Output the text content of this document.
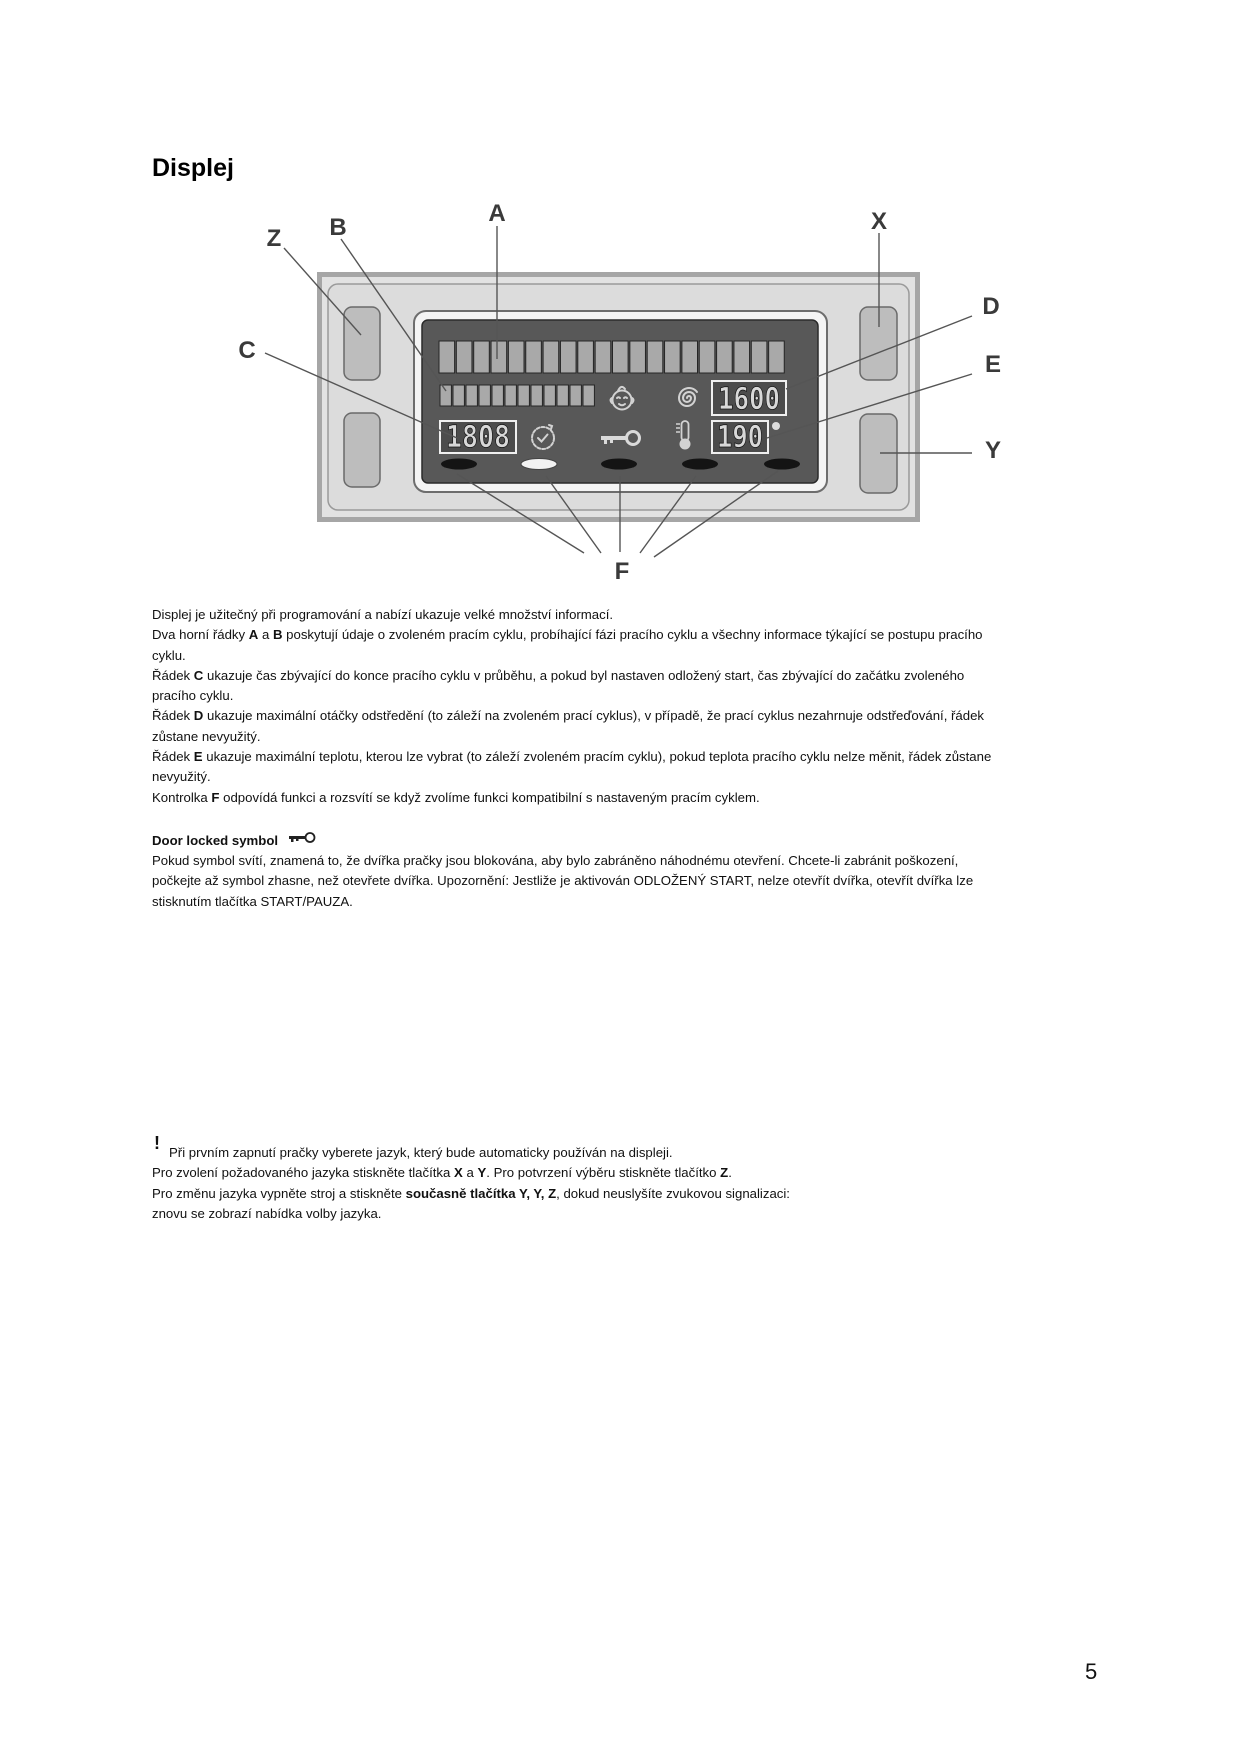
Displej
1600
1808	190
Z B
A	X
D
E
C
Y
F
Displej je užitečný při programování a nabízí ukazuje velké množství informací.
Dva horní řádky A a B poskytují údaje o zvoleném pracím cyklu, probíhající fázi pracího cyklu a všechny informace týkající se postupu pracího
cyklu.
Řádek C ukazuje čas zbývající do konce pracího cyklu v průběhu, a pokud byl nastaven odložený start, čas zbývající do začátku zvoleného
pracího cyklu.
Řádek D ukazuje maximální otáčky odstředění (to záleží na zvoleném prací cyklus), v případě, že prací cyklus nezahrnuje odstřeďování, řádek
zůstane nevyužitý.
Řádek E ukazuje maximální teplotu, kterou lze vybrat (to záleží zvoleném pracím cyklu), pokud teplota pracího cyklu nelze měnit, řádek zůstane
nevyužitý.
Kontrolka F odpovídá funkci a rozsvítí se když zvolíme funkci kompatibilní s nastaveným pracím cyklem.
Door locked symbol
Pokud symbol svítí, znamená to, že dvířka pračky jsou blokována, aby bylo zabráněno náhodnému otevření. Chcete-li zabránit poškození,
počkejte až symbol zhasne, než otevřete dvířka. Upozornění: Jestliže je aktivován ODLOŽENÝ START, nelze otevřít dvířka, otevřít dvířka lze
stisknutím tlačítka START/PAUZA.
! Při prvním zapnutí pračky vyberete jazyk, který bude automaticky používán na displeji.
Pro zvolení požadovaného jazyka stiskněte tlačítka X a Y. Pro potvrzení výběru stiskněte tlačítko Z.
Pro změnu jazyka vypněte stroj a stiskněte současně tlačítka Y, Y, Z, dokud neuslyšíte zvukovou signalizaci:
znovu se zobrazí nabídka volby jazyka.
5
